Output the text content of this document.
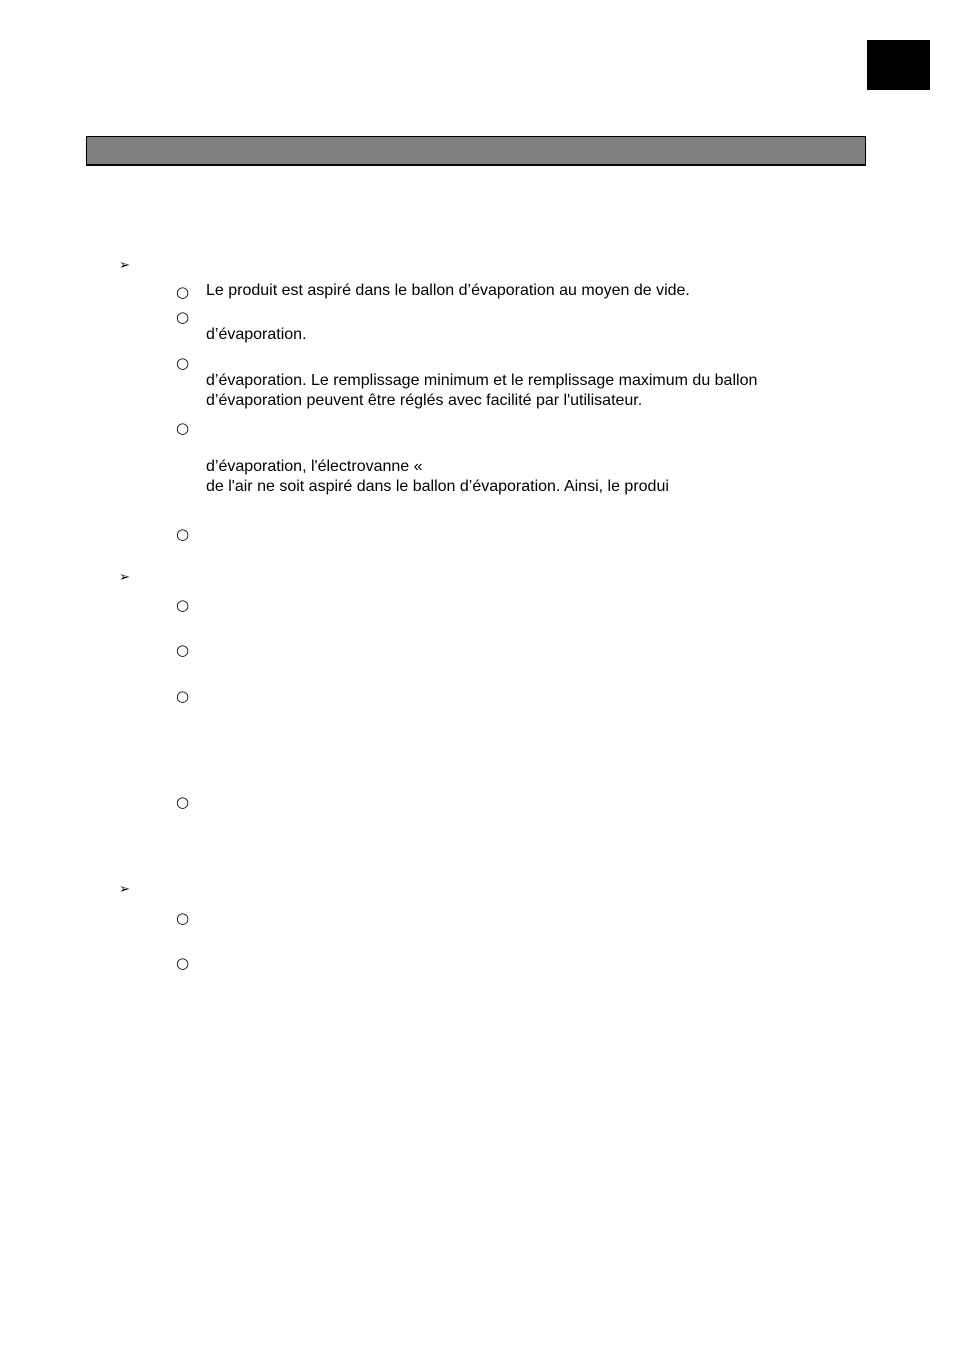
➢
○ Le produit est aspiré dans le ballon d’évaporation au moyen de vide.
○
d’évaporation.
○
d’évaporation. Le remplissage minimum et le remplissage maximum du ballon
d’évaporation peuvent être réglés avec facilité par l'utilisateur.
○
d’évaporation, l'électrovanne «
de l'air ne soit aspiré dans le ballon d’évaporation. Ainsi, le produi
○
➢
○
○
○
○
➢
○
○
